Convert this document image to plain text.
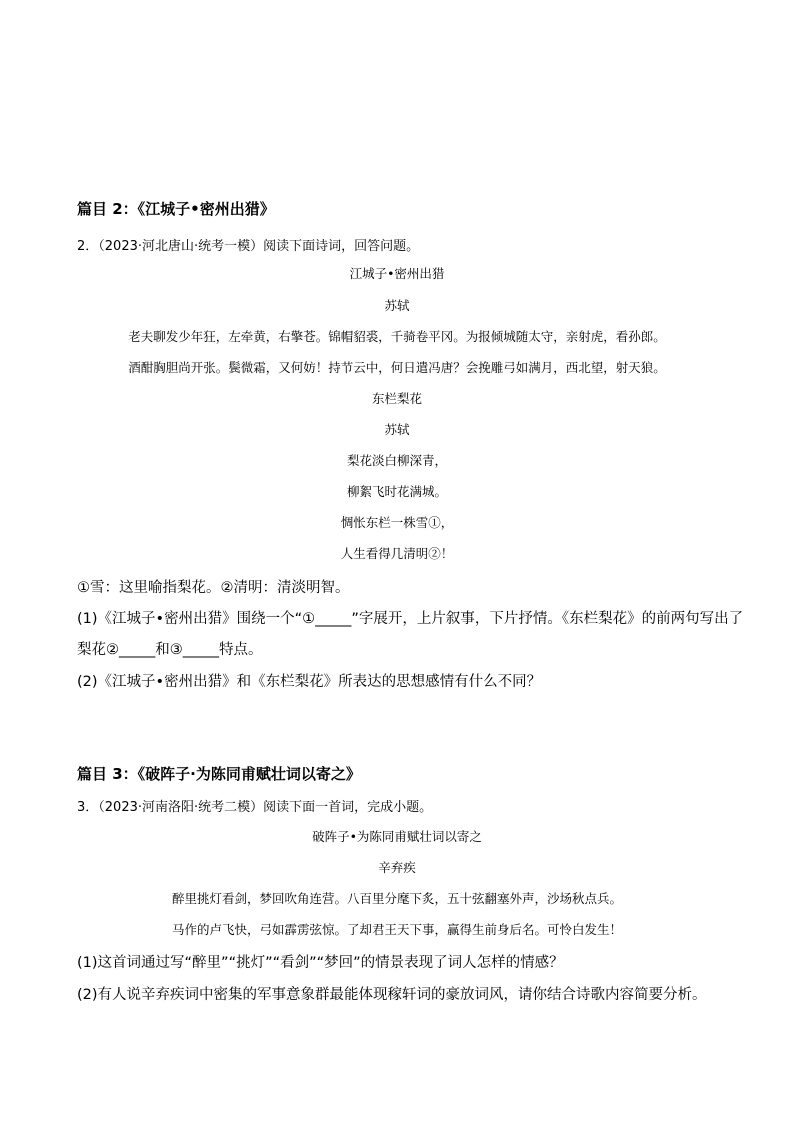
篇目 2：《江城子•密州出猎》
2．（2023·河北唐山·统考一模）阅读下面诗词，回答问题。
江城子•密州出猎
苏轼
老夫聊发少年狂，左牵黄，右擎苍。锦帽貂裘，千骑卷平冈。为报倾城随太守，亲射虎，看孙郎。
酒酣胸胆尚开张。鬓微霜，又何妨！持节云中，何日遣冯唐？会挽雕弓如满月，西北望，射天狼。
东栏梨花
苏轼
梨花淡白柳深青，
柳絮飞时花满城。
惆怅东栏一株雪①，
人生看得几清明②！
①雪：这里喻指梨花。②清明：清淡明智。
(1)《江城子•密州出猎》围绕一个“①_____”字展开，上片叙事，下片抒情。《东栏梨花》的前两句写出了
梨花②_____和③_____特点。
(2)《江城子•密州出猎》和《东栏梨花》所表达的思想感情有什么不同？
篇目 3：《破阵子·为陈同甫赋壮词以寄之》
3．（2023·河南洛阳·统考二模）阅读下面一首词，完成小题。
破阵子•为陈同甫赋壮词以寄之
辛弃疾
醉里挑灯看剑，梦回吹角连营。八百里分麾下炙，五十弦翻塞外声，沙场秋点兵。
马作的卢飞快，弓如霹雳弦惊。了却君王天下事，赢得生前身后名。可怜白发生！
(1)这首词通过写“醉里”“挑灯”“看剑”“梦回”的情景表现了词人怎样的情感？
(2)有人说辛弃疾词中密集的军事意象群最能体现稼轩词的豪放词风，请你结合诗歌内容简要分析。
